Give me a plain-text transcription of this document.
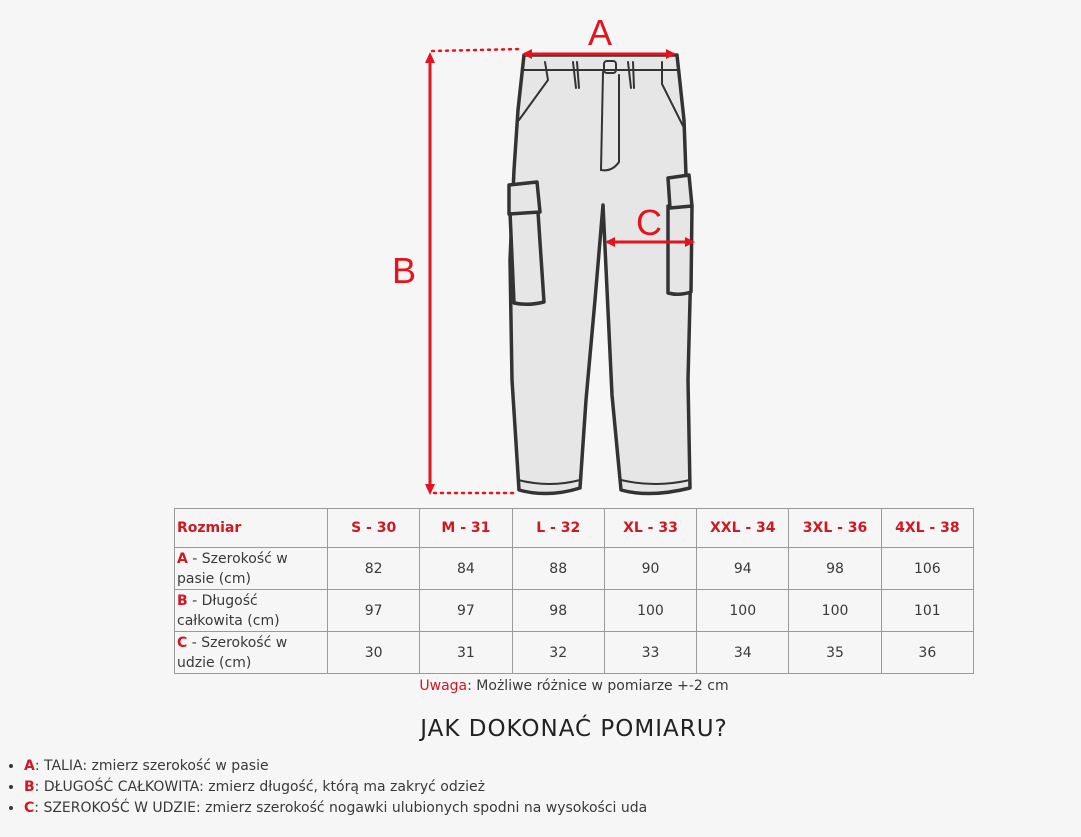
A
B
C
Rozmiar	S - 30	M - 31	L - 32	XL - 33	XXL - 34	3XL - 36	4XL - 38
A - Szerokość w pasie (cm)	82	84	88	90	94	98	106
B - Długość całkowita (cm)	97	97	98	100	100	100	101
C - Szerokość w udzie (cm)	30	31	32	33	34	35	36
Uwaga: Możliwe różnice w pomiarze +-2 cm
JAK DOKONAĆ POMIARU?
• A: TALIA: zmierz szerokość w pasie
• B: DŁUGOŚĆ CAŁKOWITA: zmierz długość, którą ma zakryć odzież
• C: SZEROKOŚĆ W UDZIE: zmierz szerokość nogawki ulubionych spodni na wysokości uda
